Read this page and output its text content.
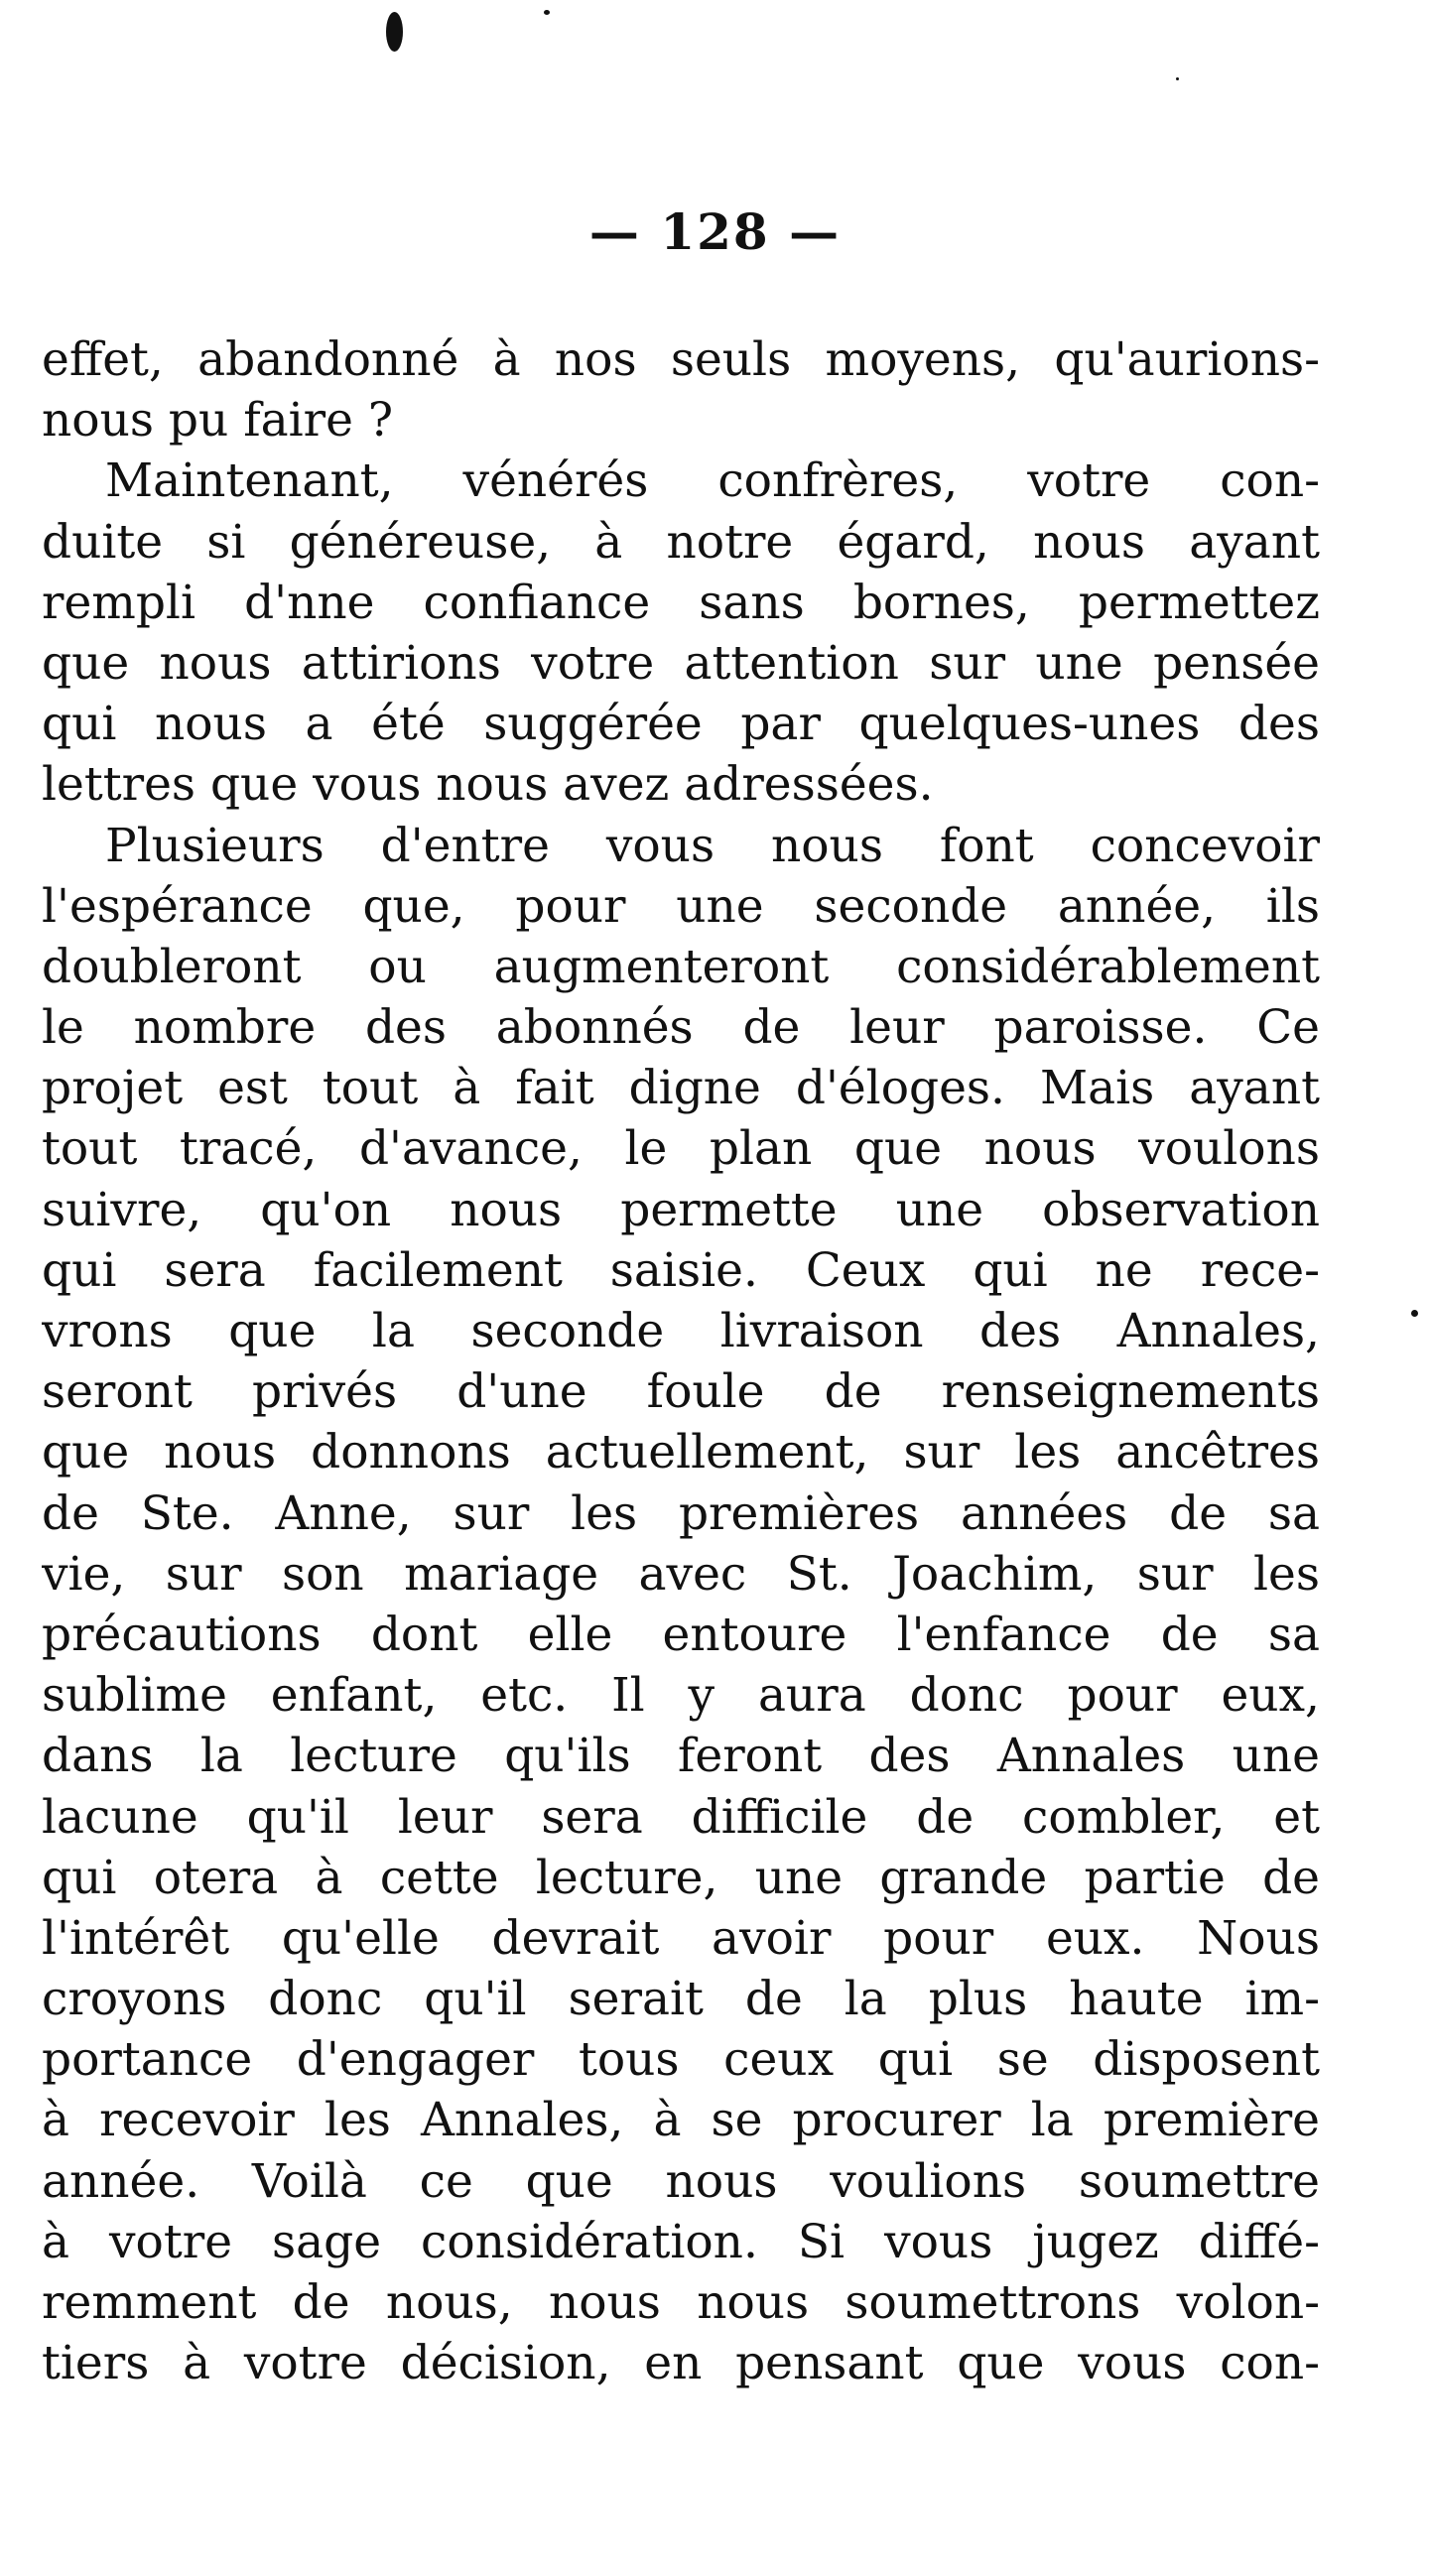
— 128 —
effet, abandonné à nos seuls moyens, qu'aurions-
nous pu faire ?
Maintenant, vénérés confrères, votre con-
duite si généreuse, à notre égard, nous ayant
rempli d'nne confiance sans bornes, permettez
que nous attirions votre attention sur une pensée
qui nous a été suggérée par quelques-unes des
lettres que vous nous avez adressées.
Plusieurs d'entre vous nous font concevoir
l'espérance que, pour une seconde année, ils
doubleront ou augmenteront considérablement
le nombre des abonnés de leur paroisse. Ce
projet est tout à fait digne d'éloges. Mais ayant
tout tracé, d'avance, le plan que nous voulons
suivre, qu'on nous permette une observation
qui sera facilement saisie. Ceux qui ne rece-
vrons que la seconde livraison des Annales,
seront privés d'une foule de renseignements
que nous donnons actuellement, sur les ancêtres
de Ste. Anne, sur les premières années de sa
vie, sur son mariage avec St. Joachim, sur les
précautions dont elle entoure l'enfance de sa
sublime enfant, etc. Il y aura donc pour eux,
dans la lecture qu'ils feront des Annales une
lacune qu'il leur sera difficile de combler, et
qui otera à cette lecture, une grande partie de
l'intérêt qu'elle devrait avoir pour eux. Nous
croyons donc qu'il serait de la plus haute im-
portance d'engager tous ceux qui se disposent
à recevoir les Annales, à se procurer la première
année. Voilà ce que nous voulions soumettre
à votre sage considération. Si vous jugez diffé-
remment de nous, nous nous soumettrons volon-
tiers à votre décision, en pensant que vous con-
